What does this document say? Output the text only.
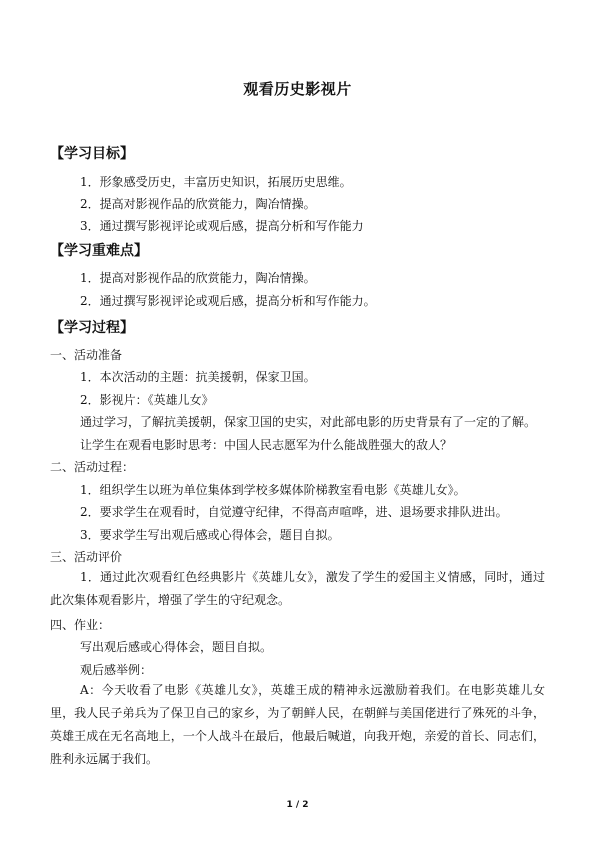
观看历史影视片
【学习目标】
1．形象感受历史，丰富历史知识，拓展历史思维。
2．提高对影视作品的欣赏能力，陶冶情操。
3．通过撰写影视评论或观后感，提高分析和写作能力
【学习重难点】
1．提高对影视作品的欣赏能力，陶冶情操。
2．通过撰写影视评论或观后感，提高分析和写作能力。
【学习过程】
一、活动准备
1．本次活动的主题：抗美援朝，保家卫国。
2．影视片：《英雄儿女》
通过学习，了解抗美援朝，保家卫国的史实，对此部电影的历史背景有了一定的了解。
让学生在观看电影时思考：中国人民志愿军为什么能战胜强大的敌人？
二、活动过程：
1．组织学生以班为单位集体到学校多媒体阶梯教室看电影《英雄儿女》。
2．要求学生在观看时，自觉遵守纪律，不得高声喧哗，进、退场要求排队进出。
3．要求学生写出观后感或心得体会，题目自拟。
三、活动评价
1．通过此次观看红色经典影片《英雄儿女》，激发了学生的爱国主义情感，同时，通过此次集体观看影片，增强了学生的守纪观念。
四、作业：
写出观后感或心得体会，题目自拟。
观后感举例：
A：今天收看了电影《英雄儿女》，英雄王成的精神永远激励着我们。在电影英雄儿女里，我人民子弟兵为了保卫自己的家乡，为了朝鲜人民，在朝鲜与美国佬进行了殊死的斗争，英雄王成在无名高地上，一个人战斗在最后，他最后喊道，向我开炮，亲爱的首长、同志们，胜利永远属于我们。
1 / 2
